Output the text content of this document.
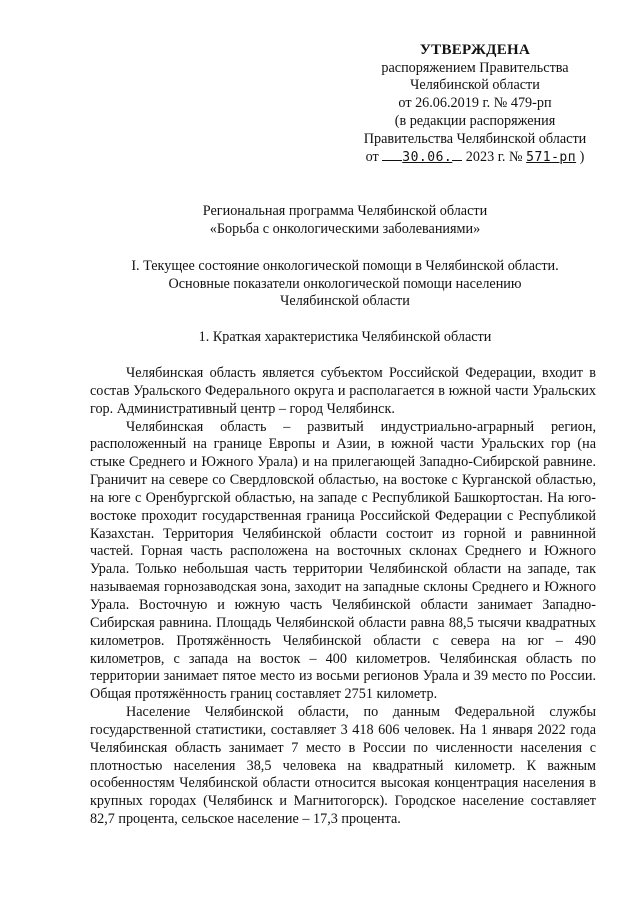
УТВЕРЖДЕНА
распоряжением Правительства
Челябинской области
от 26.06.2019 г. № 479-рп
(в редакции распоряжения
Правительства Челябинской области
от 30.06. 2023 г. № 571-рп )
Региональная программа Челябинской области
«Борьба с онкологическими заболеваниями»
I. Текущее состояние онкологической помощи в Челябинской области.
Основные показатели онкологической помощи населению
Челябинской области
1. Краткая характеристика Челябинской области

Челябинская область является субъектом Российской Федерации, входит в состав Уральского Федерального округа и располагается в южной части Уральских гор. Административный центр – город Челябинск.

Челябинская область – развитый индустриально-аграрный регион, расположенный на границе Европы и Азии, в южной части Уральских гор (на стыке Среднего и Южного Урала) и на прилегающей Западно-Сибирской равнине. Граничит на севере со Свердловской областью, на востоке с Курганской областью, на юге с Оренбургской областью, на западе с Республикой Башкортостан. На юго-востоке проходит государственная граница Российской Федерации с Республикой Казахстан. Территория Челябинской области состоит из горной и равнинной частей. Горная часть расположена на восточных склонах Среднего и Южного Урала. Только небольшая часть территории Челябинской области на западе, так называемая горнозаводская зона, заходит на западные склоны Среднего и Южного Урала. Восточную и южную часть Челябинской области занимает Западно-Сибирская равнина. Площадь Челябинской области равна 88,5 тысячи квадратных километров. Протяжённость Челябинской области с севера на юг – 490 километров, с запада на восток – 400 километров. Челябинская область по территории занимает пятое место из восьми регионов Урала и 39 место по России. Общая протяжённость границ составляет 2751 километр.

Население Челябинской области, по данным Федеральной службы государственной статистики, составляет 3 418 606 человек. На 1 января 2022 года Челябинская область занимает 7 место в России по численности населения с плотностью населения 38,5 человека на квадратный километр. К важным особенностям Челябинской области относится высокая концентрация населения в крупных городах (Челябинск и Магнитогорск). Городское население составляет 82,7 процента, сельское население – 17,3 процента.
